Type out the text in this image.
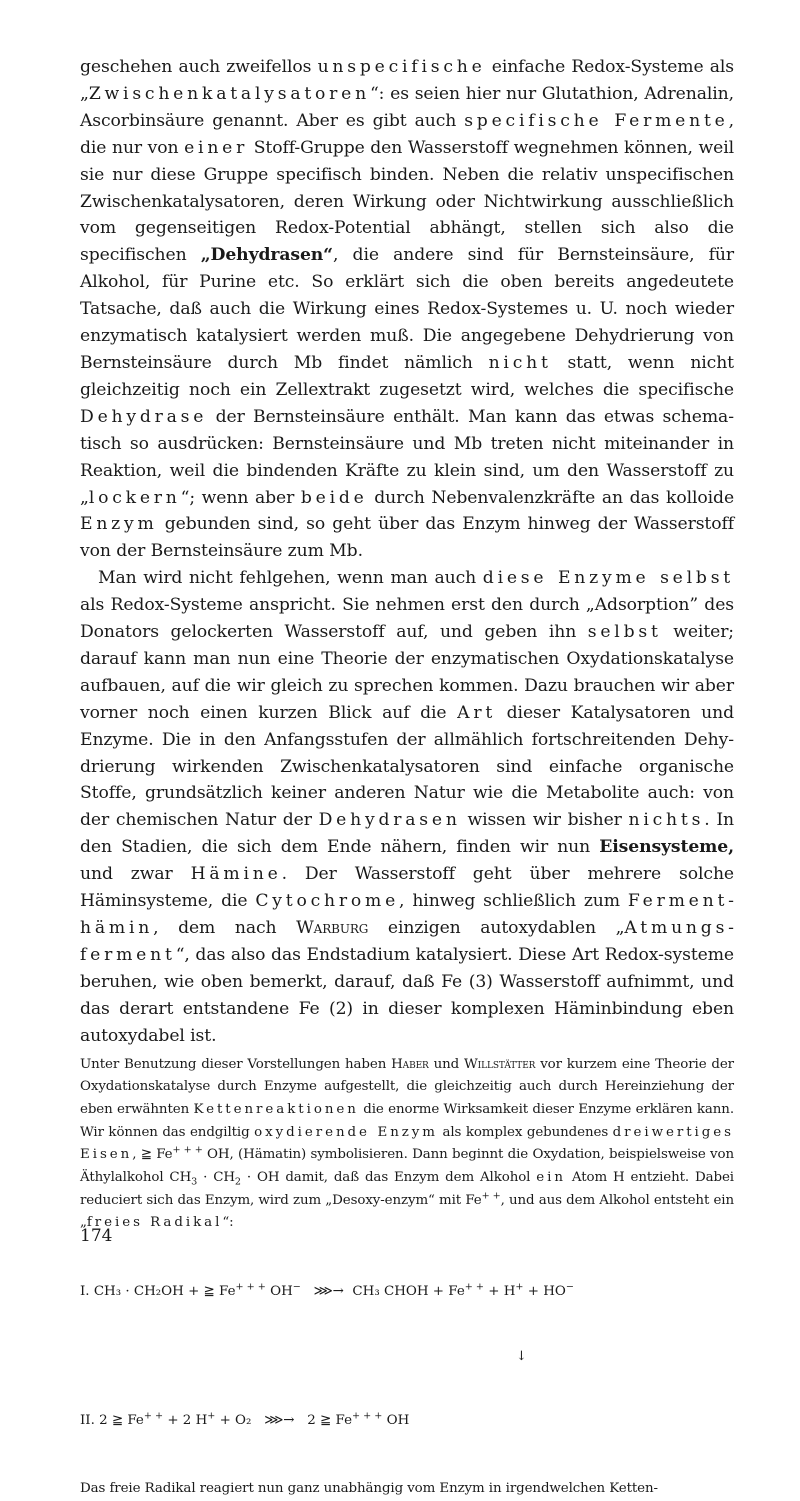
geschehen auch zweifellos unspecifische einfache Redox-Systeme als „Zwischenkatalysatoren“: es seien hier nur Glutathion, Adrenalin, Ascorbinsäure genannt. Aber es gibt auch specifische Fermente, die nur von einer Stoff-Gruppe den Wasserstoff wegnehmen können, weil sie nur diese Gruppe specifisch binden. Neben die relativ unspecifischen Zwischenkatalysatoren, deren Wirkung oder Nichtwirkung ausschließlich vom gegenseitigen Redox-Potential abhängt, stellen sich also die specifischen „Dehydrasen“, die andere sind für Bernsteinsäure, für Alkohol, für Purine etc. So erklärt sich die oben bereits angedeutete Tatsache, daß auch die Wirkung eines Redox-Systemes u. U. noch wieder enzymatisch katalysiert werden muß. Die angegebene Dehydrierung von Bernsteinsäure durch Mb findet nämlich nicht statt, wenn nicht gleichzeitig noch ein Zellextrakt zugesetzt wird, welches die specifische Dehydrase der Bernsteinsäure enthält. Man kann das etwas schematisch so ausdrücken: Bernsteinsäure und Mb treten nicht miteinander in Reaktion, weil die bindenden Kräfte zu klein sind, um den Wasserstoff zu „lockern“; wenn aber beide durch Nebenvalenzkräfte an das kolloide Enzym gebunden sind, so geht über das Enzym hinweg der Wasserstoff von der Bernsteinsäure zum Mb.

Man wird nicht fehlgehen, wenn man auch diese Enzyme selbst als Redox-Systeme anspricht. Sie nehmen erst den durch „Adsorption” des Donators gelockerten Wasserstoff auf, und geben ihn selbst weiter; darauf kann man nun eine Theorie der enzymatischen Oxydationskatalyse aufbauen, auf die wir gleich zu sprechen kommen. Dazu brauchen wir aber vorner noch einen kurzen Blick auf die Art dieser Katalysatoren und Enzyme. Die in den Anfangsstufen der allmählich fortschreitenden Dehydrierung wirkenden Zwischenkatalysatoren sind einfache organische Stoffe, grundsätzlich keiner anderen Natur wie die Metabolite auch: von der chemischen Natur der Dehydrasen wissen wir bisher nichts. In den Stadien, die sich dem Ende nähern, finden wir nun Eisensysteme, und zwar Hämine. Der Wasserstoff geht über mehrere solche Häminsysteme, die Cytochrome, hinweg schließlich zum Fermenthämin, dem nach Warburg einzigen autoxydablen „Atmungsferment“, das also das Endstadium katalysiert. Diese Art Redox-systeme beruhen, wie oben bemerkt, darauf, daß Fe (3) Wasserstoff aufnimmt, und das derart entstandene Fe (2) in dieser komplexen Häminbindung eben autoxydabel ist.

Unter Benutzung dieser Vorstellungen haben Haber und Willstätter vor kurzem eine Theorie der Oxydationskatalyse durch Enzyme aufgestellt, die gleichzeitig auch durch Hereinziehung der eben erwähnten Kettenreaktionen die enorme Wirksamkeit dieser Enzyme erklären kann. Wir können das endgiltig oxydierende Enzym als komplex gebundenes dreiwertiges Eisen, ≧ Fe+ + + OH, (Hämatin) symbolisieren. Dann beginnt die Oxydation, beispielsweise von Äthylalkohol $CH_3 \cdot CH_2$ · OH damit, daß das Enzym dem Alkohol ein Atom H entzieht. Dabei reduciert sich das Enzym, wird zum „Desoxy-enzym“ mit Fe+ +, und aus dem Alkohol entsteht ein „freies Radikal“:

I. CH₃ · CH₂OH + ≧ Fe+ + + OH− ⋙→ CH₃ CHOH + Fe+ + + H+ + HO−

↓

II. 2 ≧ Fe+ + + 2 H+ + O₂ ⋙→ 2 ≧ Fe+ + + OH

Das freie Radikal reagiert nun ganz unabhängig vom Enzym in irgendwelchen Ketten-

174
